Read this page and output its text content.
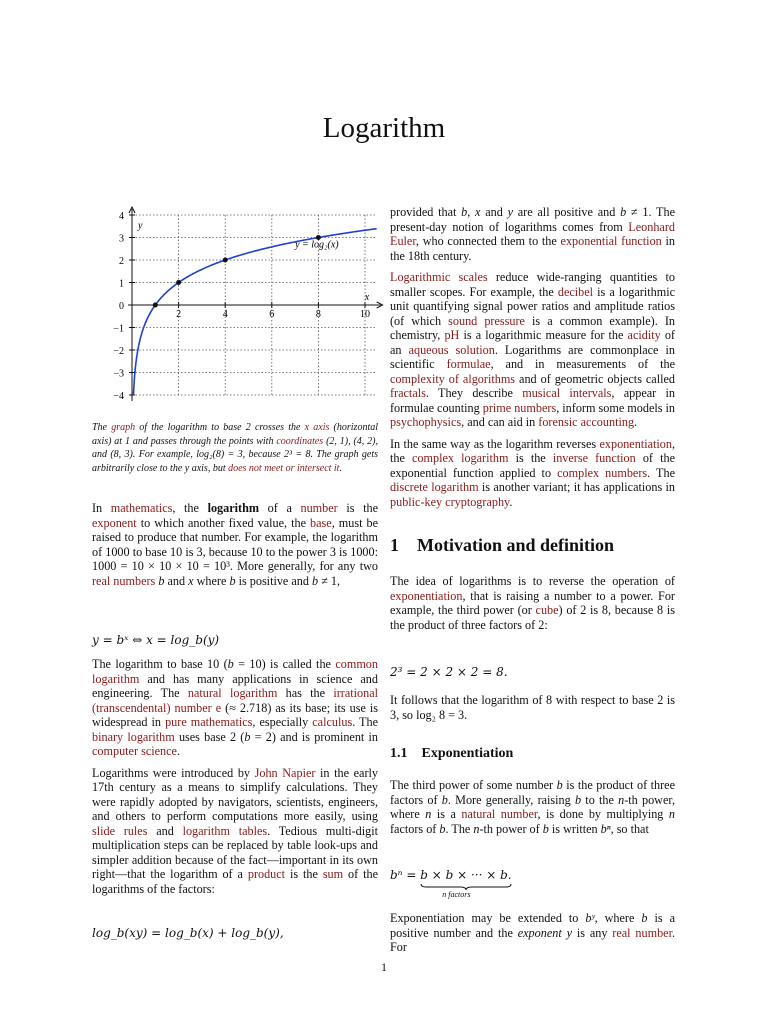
Logarithm
2	4	6	8	10
−4
−3
−2
−1
0
1
2
3
4
x
y
y = log₂(x)
The graph of the logarithm to base 2 crosses the x axis (horizontal axis) at 1 and passes through the points with coordinates (2, 1), (4, 2), and (8, 3). For example, log₂(8) = 3, because 2³ = 8. The graph gets arbitrarily close to the y axis, but does not meet or intersect it.

In mathematics, the logarithm of a number is the exponent to which another fixed value, the base, must be raised to produce that number. For example, the logarithm of 1000 to base 10 is 3, because 10 to the power 3 is 1000: 1000 = 10 × 10 × 10 = 10³. More generally, for any two real numbers b and x where b is positive and b ≠ 1,

y = bˣ ⇔ x = log_b(y)

The logarithm to base 10 (b = 10) is called the common logarithm and has many applications in science and engineering. The natural logarithm has the irrational (transcendental) number e (≈ 2.718) as its base; its use is widespread in pure mathematics, especially calculus. The binary logarithm uses base 2 (b = 2) and is prominent in computer science.

Logarithms were introduced by John Napier in the early 17th century as a means to simplify calculations. They were rapidly adopted by navigators, scientists, engineers, and others to perform computations more easily, using slide rules and logarithm tables. Tedious multi-digit multiplication steps can be replaced by table look-ups and simpler addition because of the fact—important in its own right—that the logarithm of a product is the sum of the logarithms of the factors:

log_b(xy) = log_b(x) + log_b(y),

provided that b, x and y are all positive and b ≠ 1. The present-day notion of logarithms comes from Leonhard Euler, who connected them to the exponential function in the 18th century.

Logarithmic scales reduce wide-ranging quantities to smaller scopes. For example, the decibel is a logarithmic unit quantifying signal power ratios and amplitude ratios (of which sound pressure is a common example). In chemistry, pH is a logarithmic measure for the acidity of an aqueous solution. Logarithms are commonplace in scientific formulae, and in measurements of the complexity of algorithms and of geometric objects called fractals. They describe musical intervals, appear in formulae counting prime numbers, inform some models in psychophysics, and can aid in forensic accounting.

In the same way as the logarithm reverses exponentiation, the complex logarithm is the inverse function of the exponential function applied to complex numbers. The discrete logarithm is another variant; it has applications in public-key cryptography.

1 Motivation and definition

The idea of logarithms is to reverse the operation of exponentiation, that is raising a number to a power. For example, the third power (or cube) of 2 is 8, because 8 is the product of three factors of 2:

2³ = 2 × 2 × 2 = 8.

It follows that the logarithm of 8 with respect to base 2 is 3, so log₂ 8 = 3.

1.1 Exponentiation

The third power of some number b is the product of three factors of b. More generally, raising b to the n-th power, where n is a natural number, is done by multiplying n factors of b. The n-th power of b is written bⁿ, so that

bⁿ = b × b × ··· × b
n factors
.

Exponentiation may be extended to bʸ, where b is a positive number and the exponent y is any real number. For

1
